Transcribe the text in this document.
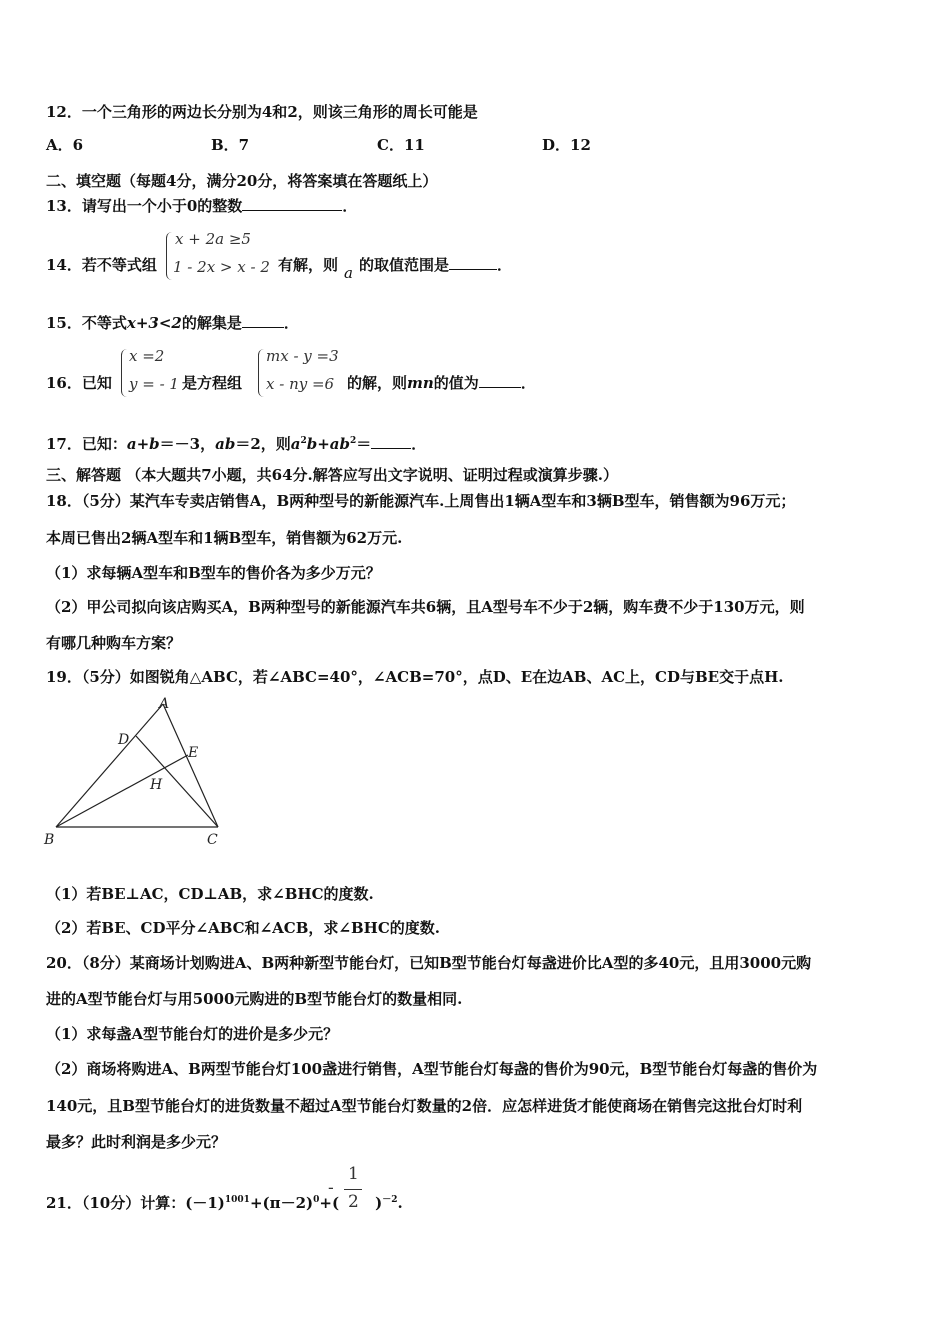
12．一个三角形的两边长分别为4和2，则该三角形的周长可能是
A．6	B．7	C．11	D．12
二、填空题（每题4分，满分20分，将答案填在答题纸上）
13．请写出一个小于0的整数	．
14．若不等式组
x + 2a ≥5
1 - 2x > x - 2 有解，则 a 的取值范围是	．
15．不等式x+3<2的解集是	．
16．已知
x =2
y = - 1 是方程组
mx - y =3
x - ny =6 的解，则mn的值为	．
17．已知：a+b＝－3，ab＝2，则$a^2b+ab^2=$	．
三、解答题 （本大题共7小题，共64分.解答应写出文字说明、证明过程或演算步骤.）
18．（5分）某汽车专卖店销售A，B两种型号的新能源汽车.上周售出1辆A型车和3辆B型车，销售额为96万元；
本周已售出2辆A型车和1辆B型车，销售额为62万元.
（1）求每辆A型车和B型车的售价各为多少万元？
（2）甲公司拟向该店购买A，B两种型号的新能源汽车共6辆，且A型号车不少于2辆，购车费不少于130万元，则
有哪几种购车方案？
19．（5分）如图锐角△ABC，若∠ABC=40°，∠ACB=70°，点D、E在边AB、AC上，CD与BE交于点H.
A
B	C
D
E
H
（1）若BE⊥AC，CD⊥AB，求∠BHC的度数.
（2）若BE、CD平分∠ABC和∠ACB，求∠BHC的度数.
20．（8分）某商场计划购进A、B两种新型节能台灯，已知B型节能台灯每盏进价比A型的多40元，且用3000元购
进的A型节能台灯与用5000元购进的B型节能台灯的数量相同.
（1）求每盏A型节能台灯的进价是多少元？
（2）商场将购进A、B两型节能台灯100盏进行销售，A型节能台灯每盏的售价为90元，B型节能台灯每盏的售价为
140元，且B型节能台灯的进货数量不超过A型节能台灯数量的2倍．应怎样进货才能使商场在销售完这批台灯时利
最多？此时利润是多少元？
21．（10分）计算：$(-1)^{1001}+(\pi-2)^0+$( )$^{-2}$.
-
1
2
